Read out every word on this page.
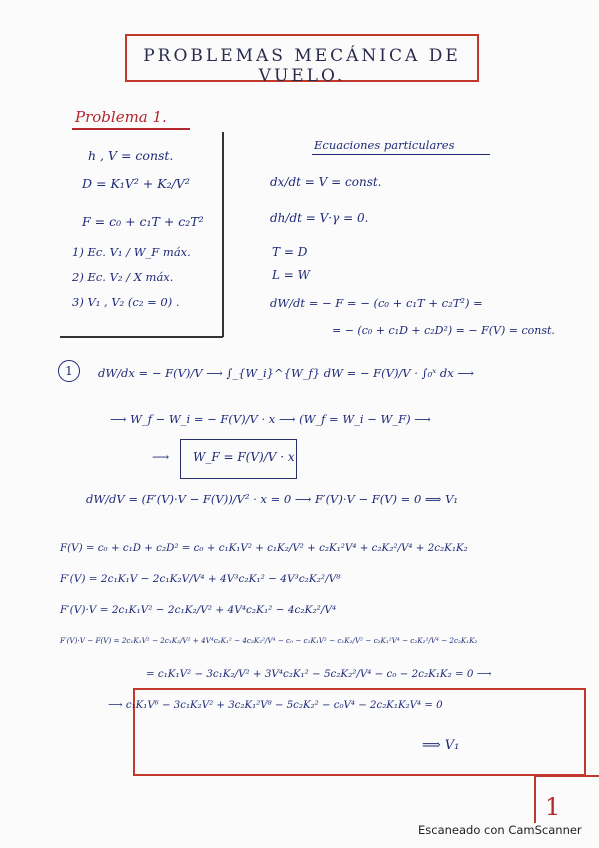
PROBLEMAS MECÁNICA DE VUELO.
Problema 1.
h , V = const.
D = K₁V² + K₂/V²
F = c₀ + c₁T + c₂T²
1) Ec. V₁ / W_F máx.
2) Ec. V₂ / X máx.
3) V₁ , V₂ (c₂ = 0) .
Ecuaciones particulares
dx/dt = V = const.
dh/dt = V·γ = 0.
T = D
L = W
dW/dt = − F = − (c₀ + c₁T + c₂T²) =
= − (c₀ + c₁D + c₂D²) = − F(V) = const.
1	dW/dx = − F(V)/V ⟶ ∫_{W_i}^{W_f} dW = − F(V)/V · ∫₀ˣ dx ⟶
⟶ W_f − W_i = − F(V)/V · x ⟶ (W_f = W_i − W_F) ⟶
⟶ W_F = F(V)/V · x
dW/dV = (F′(V)·V − F(V))/V² · x = 0 ⟶ F′(V)·V − F(V) = 0 ⟹ V₁
F(V) = c₀ + c₁D + c₂D² = c₀ + c₁K₁V² + c₁K₂/V² + c₂K₁²V⁴ + c₂K₂²/V⁴ + 2c₂K₁K₂
F′(V) = 2c₁K₁V − 2c₁K₂V/V⁴ + 4V³c₂K₁² − 4V³c₂K₂²/V⁸
F′(V)·V = 2c₁K₁V² − 2c₁K₂/V² + 4V⁴c₂K₁² − 4c₂K₂²/V⁴
F′(V)·V − F(V) = 2c₁K₁V² − 2c₁K₂/V² + 4V⁴c₂K₁² − 4c₂K₂²/V⁴ − c₀ − c₁K₁V² − c₁K₂/V² − c₂K₁²V⁴ − c₂K₂²/V⁴ − 2c₂K₁K₂
= c₁K₁V² − 3c₁K₂/V² + 3V⁴c₂K₁² − 5c₂K₂²/V⁴ − c₀ − 2c₂K₁K₂ = 0 ⟶
⟶ c₁K₁V⁶ − 3c₁K₂V² + 3c₂K₁²V⁸ − 5c₂K₂² − c₀V⁴ − 2c₂K₁K₂V⁴ = 0
⟹ V₁
1
Escaneado con CamScanner
